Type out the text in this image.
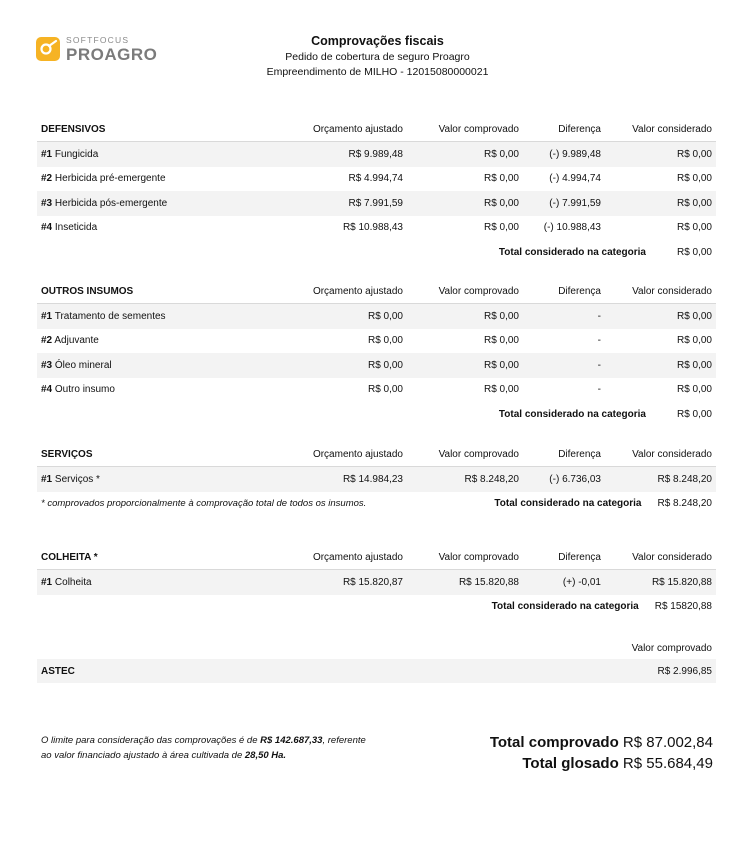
SOFTFOCUS
PROAGRO
Comprovações fiscais
Pedido de cobertura de seguro Proagro
Empreendimento de MILHO - 12015080000021
DEFENSIVOS	Orçamento ajustado	Valor comprovado	Diferença	Valor considerado
#1 Fungicida	R$ 9.989,48	R$ 0,00	(-) 9.989,48	R$ 0,00
#2 Herbicida pré-emergente	R$ 4.994,74	R$ 0,00	(-) 4.994,74	R$ 0,00
#3 Herbicida pós-emergente	R$ 7.991,59	R$ 0,00	(-) 7.991,59	R$ 0,00
#4 Inseticida	R$ 10.988,43	R$ 0,00	(-) 10.988,43	R$ 0,00
Total considerado na categoria	R$ 0,00
OUTROS INSUMOS	Orçamento ajustado	Valor comprovado	Diferença	Valor considerado
#1 Tratamento de sementes	R$ 0,00	R$ 0,00	-	R$ 0,00
#2 Adjuvante	R$ 0,00	R$ 0,00	-	R$ 0,00
#3 Óleo mineral	R$ 0,00	R$ 0,00	-	R$ 0,00
#4 Outro insumo	R$ 0,00	R$ 0,00	-	R$ 0,00
Total considerado na categoria	R$ 0,00
SERVIÇOS	Orçamento ajustado	Valor comprovado	Diferença	Valor considerado
#1 Serviços *	R$ 14.984,23	R$ 8.248,20	(-) 6.736,03	R$ 8.248,20
* comprovados proporcionalmente à comprovação total de todos os insumos.	Total considerado na categoria R$ 8.248,20
COLHEITA *	Orçamento ajustado	Valor comprovado	Diferença	Valor considerado
#1 Colheita	R$ 15.820,87	R$ 15.820,88	(+) -0,01	R$ 15.820,88
Total considerado na categoria R$ 15820,88
Valor comprovado
ASTEC	R$ 2.996,85
O limite para consideração das comprovações é de R$ 142.687,33, referente
ao valor financiado ajustado à área cultivada de 28,50 Ha.
Total comprovado R$ 87.002,84
Total glosado R$ 55.684,49
